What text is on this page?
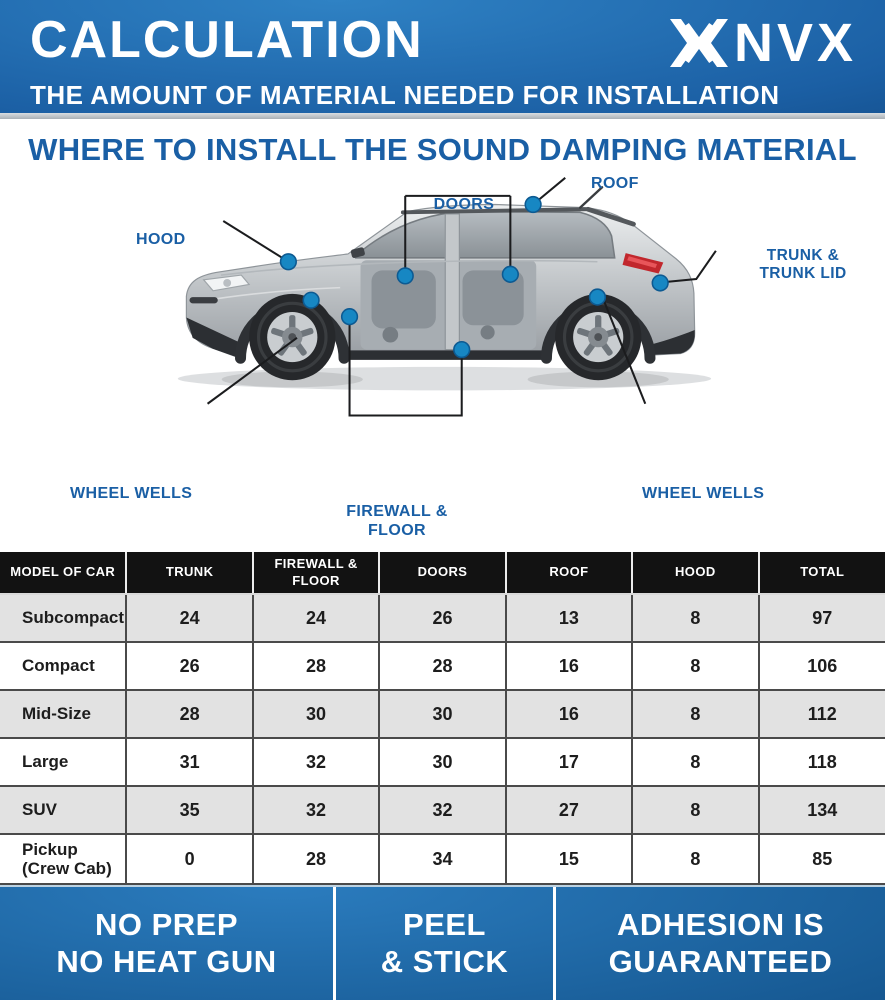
CALCULATION	NVX
THE AMOUNT OF MATERIAL NEEDED FOR INSTALLATION
WHERE TO INSTALL THE SOUND DAMPING MATERIAL
HOOD
DOORS
ROOF
TRUNK &
TRUNK LID
WHEEL WELLS	WHEEL WELLS
FIREWALL &
FLOOR
MODEL OF CAR	TRUNK	FIREWALL & FLOOR	DOORS	ROOF	HOOD	TOTAL
Subcompact	24	24	26	13	8	97
Compact	26	28	28	16	8	106
Mid-Size	28	30	30	16	8	112
Large	31	32	30	17	8	118
SUV	35	32	32	27	8	134
Pickup (Crew Cab)	0	28	34	15	8	85
NO PREP
NO HEAT GUN
PEEL
& STICK
ADHESION IS
GUARANTEED
